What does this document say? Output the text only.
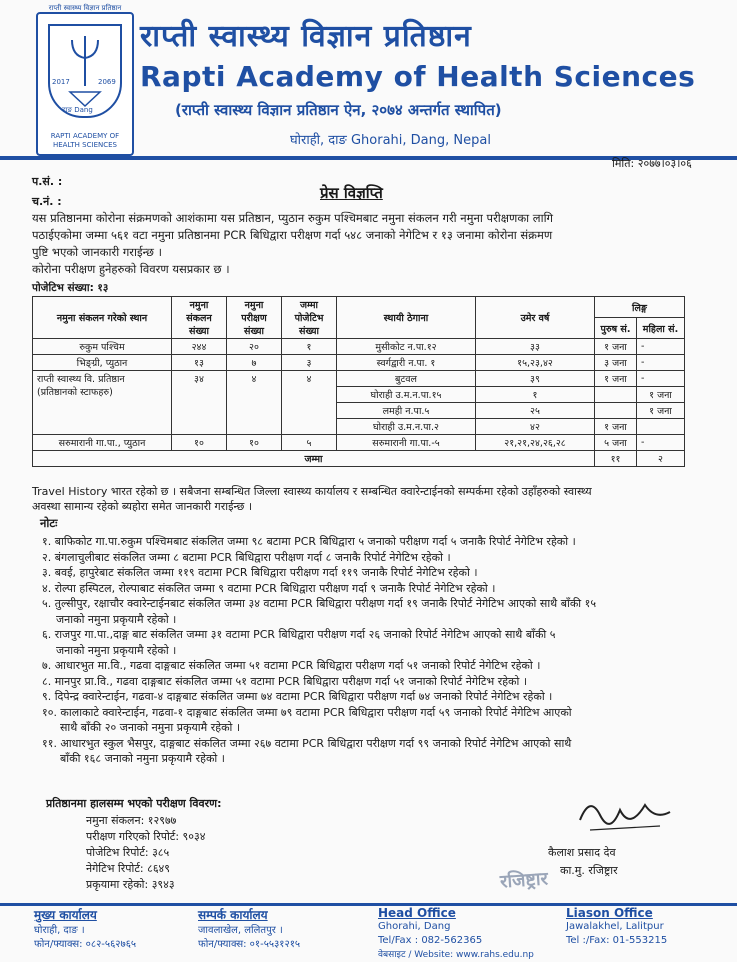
राप्ती स्वास्थ्य विज्ञान प्रतिष्ठान
2017	2069
दाङ Dang
RAPTI ACADEMY OF HEALTH SCIENCES
राप्ती स्वास्थ्य विज्ञान प्रतिष्ठान
Rapti Academy of Health Sciences
(राप्ती स्वास्थ्य विज्ञान प्रतिष्ठान ऐन, २०७४ अन्तर्गत स्थापित)
घोराही, दाङ Ghorahi, Dang, Nepal
मिति: २०७७।०३।०६
प.सं. :
च.नं. :	प्रेस विज्ञप्ति
यस प्रतिष्ठानमा कोरोना संक्रमणको आशंकामा यस प्रतिष्ठान, प्युठान रुकुम पश्चिमबाट नमुना संकलन गरी नमुना परीक्षणका लागि
पठाईएकोमा जम्मा ५६१ वटा नमुना प्रतिष्ठानमा PCR बिधिद्वारा परीक्षण गर्दा ५४८ जनाको नेगेटिभ र १३ जनामा कोरोना संक्रमण
पुष्टि भएको जानकारी गराईन्छ ।
कोरोना परीक्षण हुनेहरुको विवरण यसप्रकार छ ।
पोजेटिभ संख्या: १३
नमुना संकलन गरेको स्थान	नमुना संकलन संख्या	नमुना परीक्षण संख्या	जम्मा पोजेटिभ संख्या	स्थायी ठेगाना	उमेर वर्ष	लिङ्ग	
						पुरुष सं.	महिला सं.
रुकुम पश्चिम	२४४	२०	१	मुसीकोट न.पा.१२	३३	१ जना	-
भिङ्ग्री, प्युठान	१३	७	३	स्वर्गद्वारी न.पा. १	१५,२३,४२	३ जना	-

राप्ती स्वास्थ्य वि. प्रतिष्ठान
(प्रतिष्ठानको स्टाफहरु)	३४	४	४	बुटवल	३९	१ जना	-
				घोराही उ.म.न.पा.१५	१		१ जना
				लमही न.पा.५	२५		१ जना
				घोराही उ.म.न.पा.२	४२	१ जना	
सरुमारानी गा.पा., प्युठान	१०	१०	५	सरुमारानी गा.पा.-५	२१,२१,२४,२६,२८	५ जना	-
जम्मा						११	२
Travel History भारत रहेको छ । सबैजना सम्बन्धित जिल्ला स्वास्थ्य कार्यालय र सम्बन्धित क्वारेन्टाईनको सम्पर्कमा रहेको उहाँहरुको स्वास्थ्य
अवस्था सामान्य रहेको ब्यहोरा समेत जानकारी गराईन्छ ।
नोटः
१. बाफिकोट गा.पा.रुकुम पश्चिमबाट संकलित जम्मा ९८ बटामा PCR बिधिद्वारा ५ जनाको परीक्षण गर्दा ५ जनाकै रिपोर्ट नेगेटिभ रहेको ।
२. बंगलाचुलीबाट संकलित जम्मा ८ बटामा PCR बिधिद्वारा परीक्षण गर्दा ८ जनाकै रिपोर्ट नेगेटिभ रहेको ।
३. बवई, हापुरेबाट संकलित जम्मा ११९ वटामा PCR बिधिद्वारा परीक्षण गर्दा ११९ जनाकै रिपोर्ट नेगेटिभ रहेको ।
४. रोल्पा हस्पिटल, रोल्पाबाट संकलित जम्मा ९ वटामा PCR बिधिद्वारा परीक्षण गर्दा ९ जनाकै रिपोर्ट नेगेटिभ रहेको ।
५. तुल्सीपुर, रक्षाचौर क्वारेन्टाईनबाट संकलित जम्मा ३४ वटामा PCR बिधिद्वारा परीक्षण गर्दा १९ जनाकै रिपोर्ट नेगेटिभ आएको साथै बाँकी १५
जनाको नमुना प्रकृयामै रहेको ।
६. राजपुर गा.पा.,दाङ्ग बाट संकलित जम्मा ३१ वटामा PCR बिधिद्वारा परीक्षण गर्दा २६ जनाको रिपोर्ट नेगेटिभ आएको साथै बाँकी ५
जनाको नमुना प्रकृयामै रहेको ।
७. आधारभुत मा.वि., गढवा दाङ्गबाट संकलित जम्मा ५१ वटामा PCR बिधिद्वारा परीक्षण गर्दा ५१ जनाको रिपोर्ट नेगेटिभ रहेको ।
८. मानपुर प्रा.वि., गढवा दाङ्गबाट संकलित जम्मा ५१ वटामा PCR बिधिद्वारा परीक्षण गर्दा ५१ जनाको रिपोर्ट नेगेटिभ रहेको ।
९. दिपेन्द्र क्वारेन्टाईन, गढवा-४ दाङ्गबाट संकलित जम्मा ७४ वटामा PCR बिधिद्वारा परीक्षण गर्दा ७४ जनाको रिपोर्ट नेगेटिभ रहेको ।
१०. कालाकाटे क्वारेन्टाईन, गढवा-१ दाङ्गबाट संकलित जम्मा ७९ वटामा PCR बिधिद्वारा परीक्षण गर्दा ५९ जनाको रिपोर्ट नेगेटिभ आएको
साथै बाँकी २० जनाको नमुना प्रकृयामै रहेको ।
११. आधारभुत स्कुल भैसपुर, दाङ्गबाट संकलित जम्मा २६७ वटामा PCR बिधिद्वारा परीक्षण गर्दा ९९ जनाको रिपोर्ट नेगेटिभ आएको साथै
बाँकी १६८ जनाको नमुना प्रकृयामै रहेको ।
प्रतिष्ठानमा हालसम्म भएको परीक्षण विवरण:
नमुना संकलन: १२९७७
परीक्षण गरिएको रिपोर्ट: ९०३४
पोजेटिभ रिपोर्ट: ३८५
नेगेटिभ रिपोर्ट: ८६४९
प्रकृयामा रहेको: ३९४३
कैलाश प्रसाद देव
का.मु. रजिष्ट्रार
रजिष्ट्रार
मुख्य कार्यालय
घोराही, दाङ ।
फोन/फ्याक्स: ०८२-५६२७६५
सम्पर्क कार्यालय
जावलाखेल, ललितपुर ।
फोन/फ्याक्स: ०१-५५३१२१५
Head Office
Ghorahi, Dang
Tel/Fax : 082-562365
Liason Office
Jawalakhel, Lalitpur
Tel :/Fax: 01-553215
वेबसाइट / Website: www.rahs.edu.np
